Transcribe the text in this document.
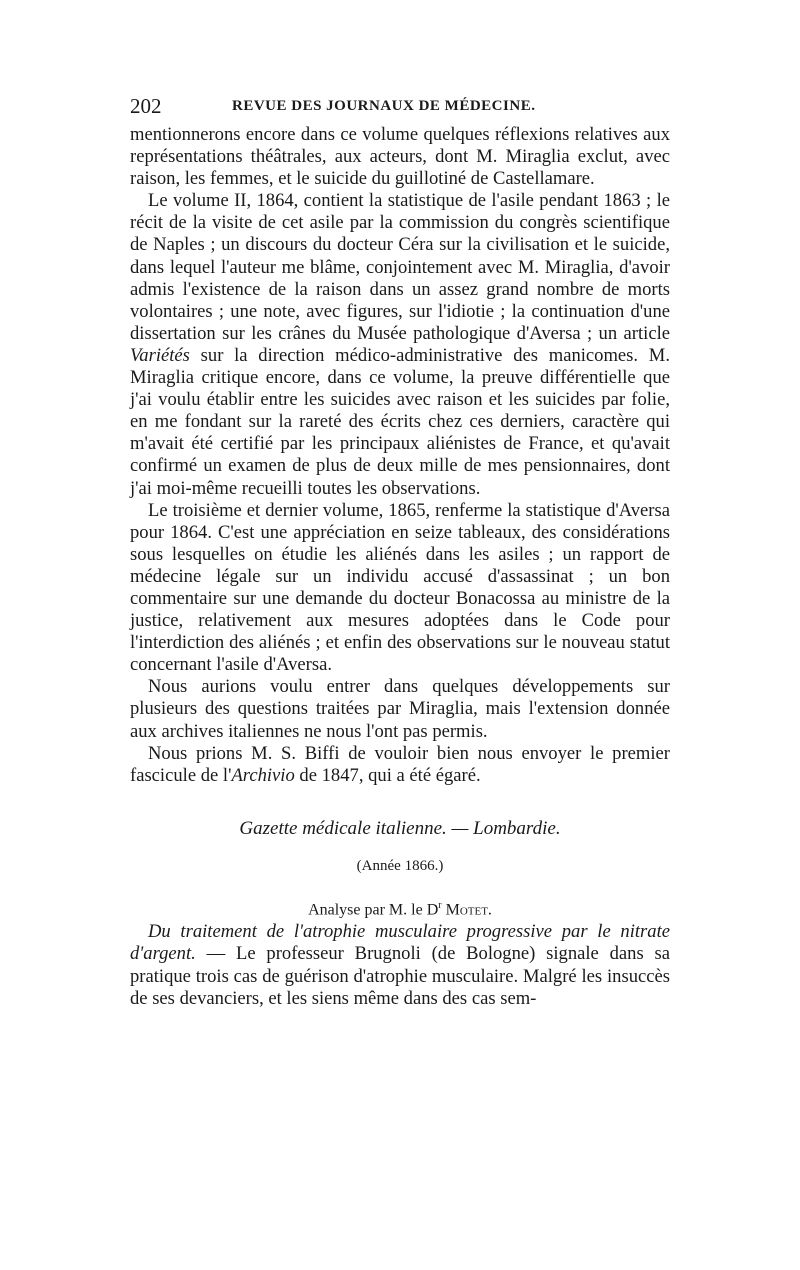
202	REVUE DES JOURNAUX DE MÉDECINE.

mentionnerons encore dans ce volume quelques réflexions relatives aux représentations théâtrales, aux acteurs, dont M. Miraglia exclut, avec raison, les femmes, et le suicide du guillotiné de Castellamare.

Le volume II, 1864, contient la statistique de l'asile pendant 1863 ; le récit de la visite de cet asile par la commission du congrès scientifique de Naples ; un discours du docteur Céra sur la civilisation et le suicide, dans lequel l'auteur me blâme, conjointement avec M. Miraglia, d'avoir admis l'existence de la raison dans un assez grand nombre de morts volontaires ; une note, avec figures, sur l'idiotie ; la continuation d'une dissertation sur les crânes du Musée pathologique d'Aversa ; un article Variétés sur la direction médico-administrative des manicomes. M. Miraglia critique encore, dans ce volume, la preuve différentielle que j'ai voulu établir entre les suicides avec raison et les suicides par folie, en me fondant sur la rareté des écrits chez ces derniers, caractère qui m'avait été certifié par les principaux aliénistes de France, et qu'avait confirmé un examen de plus de deux mille de mes pensionnaires, dont j'ai moi-même recueilli toutes les observations.

Le troisième et dernier volume, 1865, renferme la statistique d'Aversa pour 1864. C'est une appréciation en seize tableaux, des considérations sous lesquelles on étudie les aliénés dans les asiles ; un rapport de médecine légale sur un individu accusé d'assassinat ; un bon commentaire sur une demande du docteur Bonacossa au ministre de la justice, relativement aux mesures adoptées dans le Code pour l'interdiction des aliénés ; et enfin des observations sur le nouveau statut concernant l'asile d'Aversa.

Nous aurions voulu entrer dans quelques développements sur plusieurs des questions traitées par Miraglia, mais l'extension donnée aux archives italiennes ne nous l'ont pas permis.

Nous prions M. S. Biffi de vouloir bien nous envoyer le premier fascicule de l'Archivio de 1847, qui a été égaré.

Gazette médicale italienne. — Lombardie.
(Année 1866.)
Analyse par M. le $D^r$ Motet.

Du traitement de l'atrophie musculaire progressive par le nitrate d'argent. — Le professeur Brugnoli (de Bologne) signale dans sa pratique trois cas de guérison d'atrophie musculaire. Malgré les insuccès de ses devanciers, et les siens même dans des cas sem-
